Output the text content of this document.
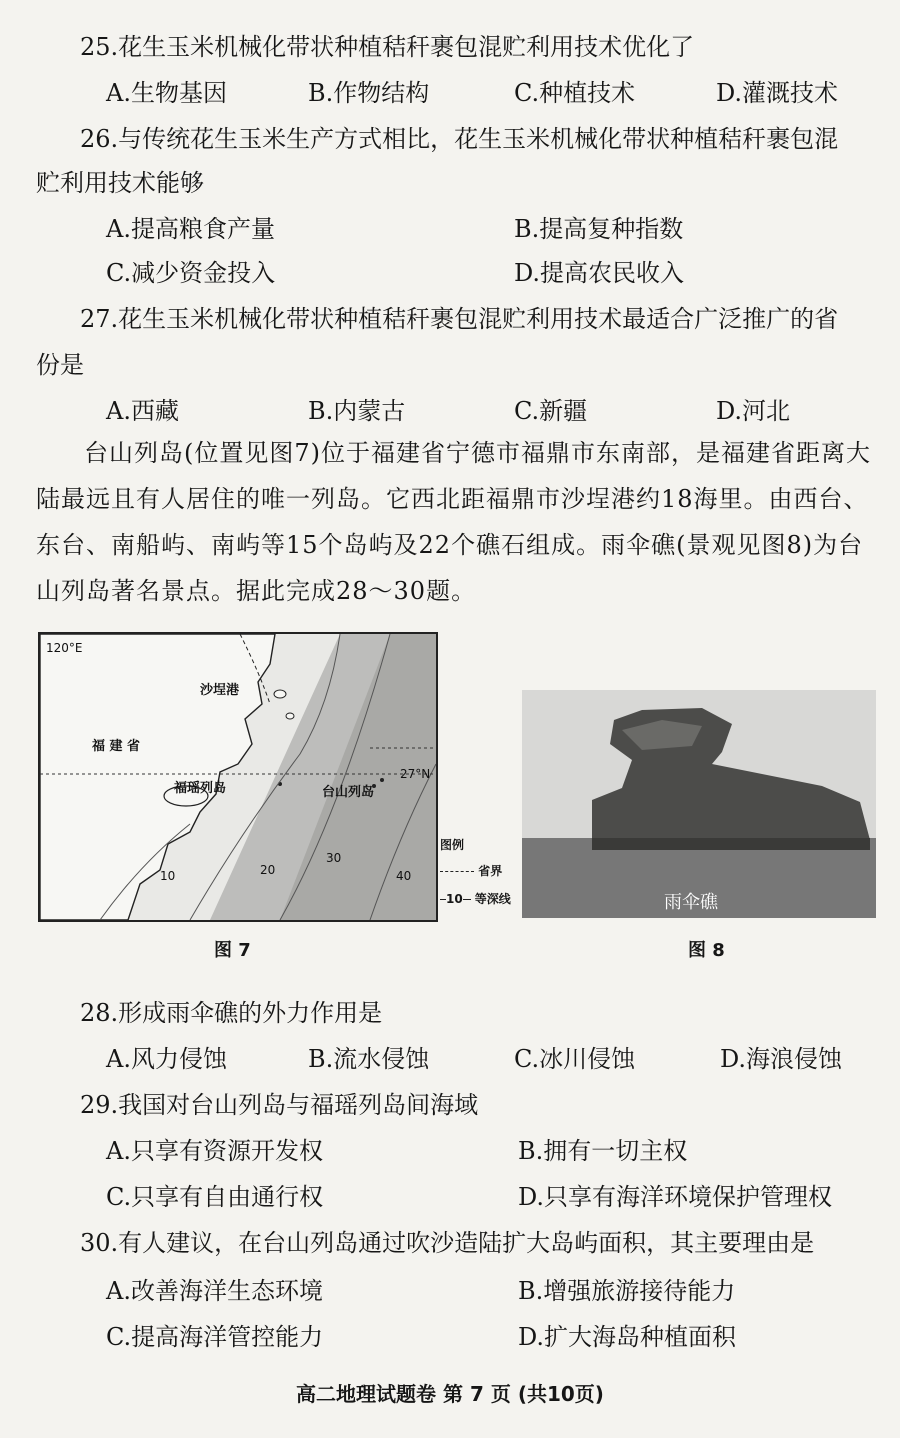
25.花生玉米机械化带状种植秸秆裹包混贮利用技术优化了
A.生物基因	B.作物结构	C.种植技术	D.灌溉技术
26.与传统花生玉米生产方式相比，花生玉米机械化带状种植秸秆裹包混
贮利用技术能够
A.提高粮食产量	B.提高复种指数
C.减少资金投入	D.提高农民收入
27.花生玉米机械化带状种植秸秆裹包混贮利用技术最适合广泛推广的省
份是
A.西藏	B.内蒙古	C.新疆	D.河北
台山列岛(位置见图7)位于福建省宁德市福鼎市东南部，是福建省距离大陆最远且有人居住的唯一列岛。它西北距福鼎市沙埕港约18海里。由西台、东台、南船屿、南屿等15个岛屿及22个礁石组成。雨伞礁(景观见图8)为台山列岛著名景点。据此完成28～30题。
120°E
27°N
沙埕港
福 建 省
福瑶列岛	台山列岛
10	20
30
40
图例
省界
10 等深线	雨伞礁
图 7	图 8
28.形成雨伞礁的外力作用是
A.风力侵蚀	B.流水侵蚀	C.冰川侵蚀	D.海浪侵蚀
29.我国对台山列岛与福瑶列岛间海域
A.只享有资源开发权	B.拥有一切主权
C.只享有自由通行权	D.只享有海洋环境保护管理权
30.有人建议，在台山列岛通过吹沙造陆扩大岛屿面积，其主要理由是
A.改善海洋生态环境	B.增强旅游接待能力
C.提高海洋管控能力	D.扩大海岛种植面积
高二地理试题卷 第 7 页 (共10页)
